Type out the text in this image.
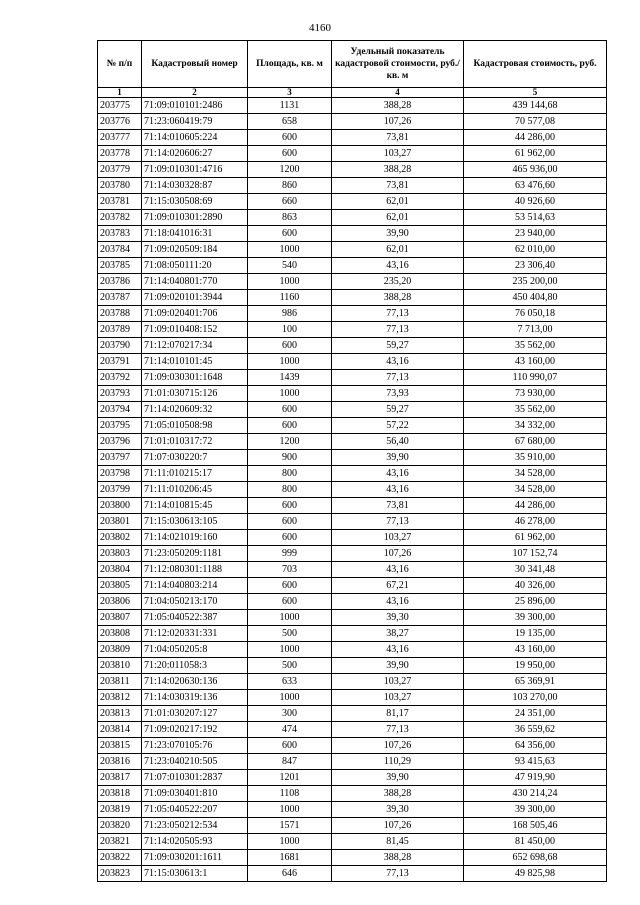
4160
№ п/п	Кадастровый номер	Площадь, кв. м	Удельный показатель кадастровой стоимости, руб./кв. м	Кадастровая стоимость, руб.
1	2	3	4	5
203775	71:09:010101:2486	1131	388,28	439 144,68
203776	71:23:060419:79	658	107,26	70 577,08
203777	71:14:010605:224	600	73,81	44 286,00
203778	71:14:020606:27	600	103,27	61 962,00
203779	71:09:010301:4716	1200	388,28	465 936,00
203780	71:14:030328:87	860	73,81	63 476,60
203781	71:15:030508:69	660	62,01	40 926,60
203782	71:09:010301:2890	863	62,01	53 514,63
203783	71:18:041016:31	600	39,90	23 940,00
203784	71:09:020509:184	1000	62,01	62 010,00
203785	71:08:050111:20	540	43,16	23 306,40
203786	71:14:040801:770	1000	235,20	235 200,00
203787	71:09:020101:3944	1160	388,28	450 404,80
203788	71:09:020401:706	986	77,13	76 050,18
203789	71:09:010408:152	100	77,13	7 713,00
203790	71:12:070217:34	600	59,27	35 562,00
203791	71:14:010101:45	1000	43,16	43 160,00
203792	71:09:030301:1648	1439	77,13	110 990,07
203793	71:01:030715:126	1000	73,93	73 930,00
203794	71:14:020609:32	600	59,27	35 562,00
203795	71:05:010508:98	600	57,22	34 332,00
203796	71:01:010317:72	1200	56,40	67 680,00
203797	71:07:030220:7	900	39,90	35 910,00
203798	71:11:010215:17	800	43,16	34 528,00
203799	71:11:010206:45	800	43,16	34 528,00
203800	71:14:010815:45	600	73,81	44 286,00
203801	71:15:030613:105	600	77,13	46 278,00
203802	71:14:021019:160	600	103,27	61 962,00
203803	71:23:050209:1181	999	107,26	107 152,74
203804	71:12:080301:1188	703	43,16	30 341,48
203805	71:14:040803:214	600	67,21	40 326,00
203806	71:04:050213:170	600	43,16	25 896,00
203807	71:05:040522:387	1000	39,30	39 300,00
203808	71:12:020331:331	500	38,27	19 135,00
203809	71:04:050205:8	1000	43,16	43 160,00
203810	71:20:011058:3	500	39,90	19 950,00
203811	71:14:020630:136	633	103,27	65 369,91
203812	71:14:030319:136	1000	103,27	103 270,00
203813	71:01:030207:127	300	81,17	24 351,00
203814	71:09:020217:192	474	77,13	36 559,62
203815	71:23:070105:76	600	107,26	64 356,00
203816	71:23:040210:505	847	110,29	93 415,63
203817	71:07:010301:2837	1201	39,90	47 919,90
203818	71:09:030401:810	1108	388,28	430 214,24
203819	71:05:040522:207	1000	39,30	39 300,00
203820	71:23:050212:534	1571	107,26	168 505,46
203821	71:14:020505:93	1000	81,45	81 450,00
203822	71:09:030201:1611	1681	388,28	652 698,68
203823	71:15:030613:1	646	77,13	49 825,98
